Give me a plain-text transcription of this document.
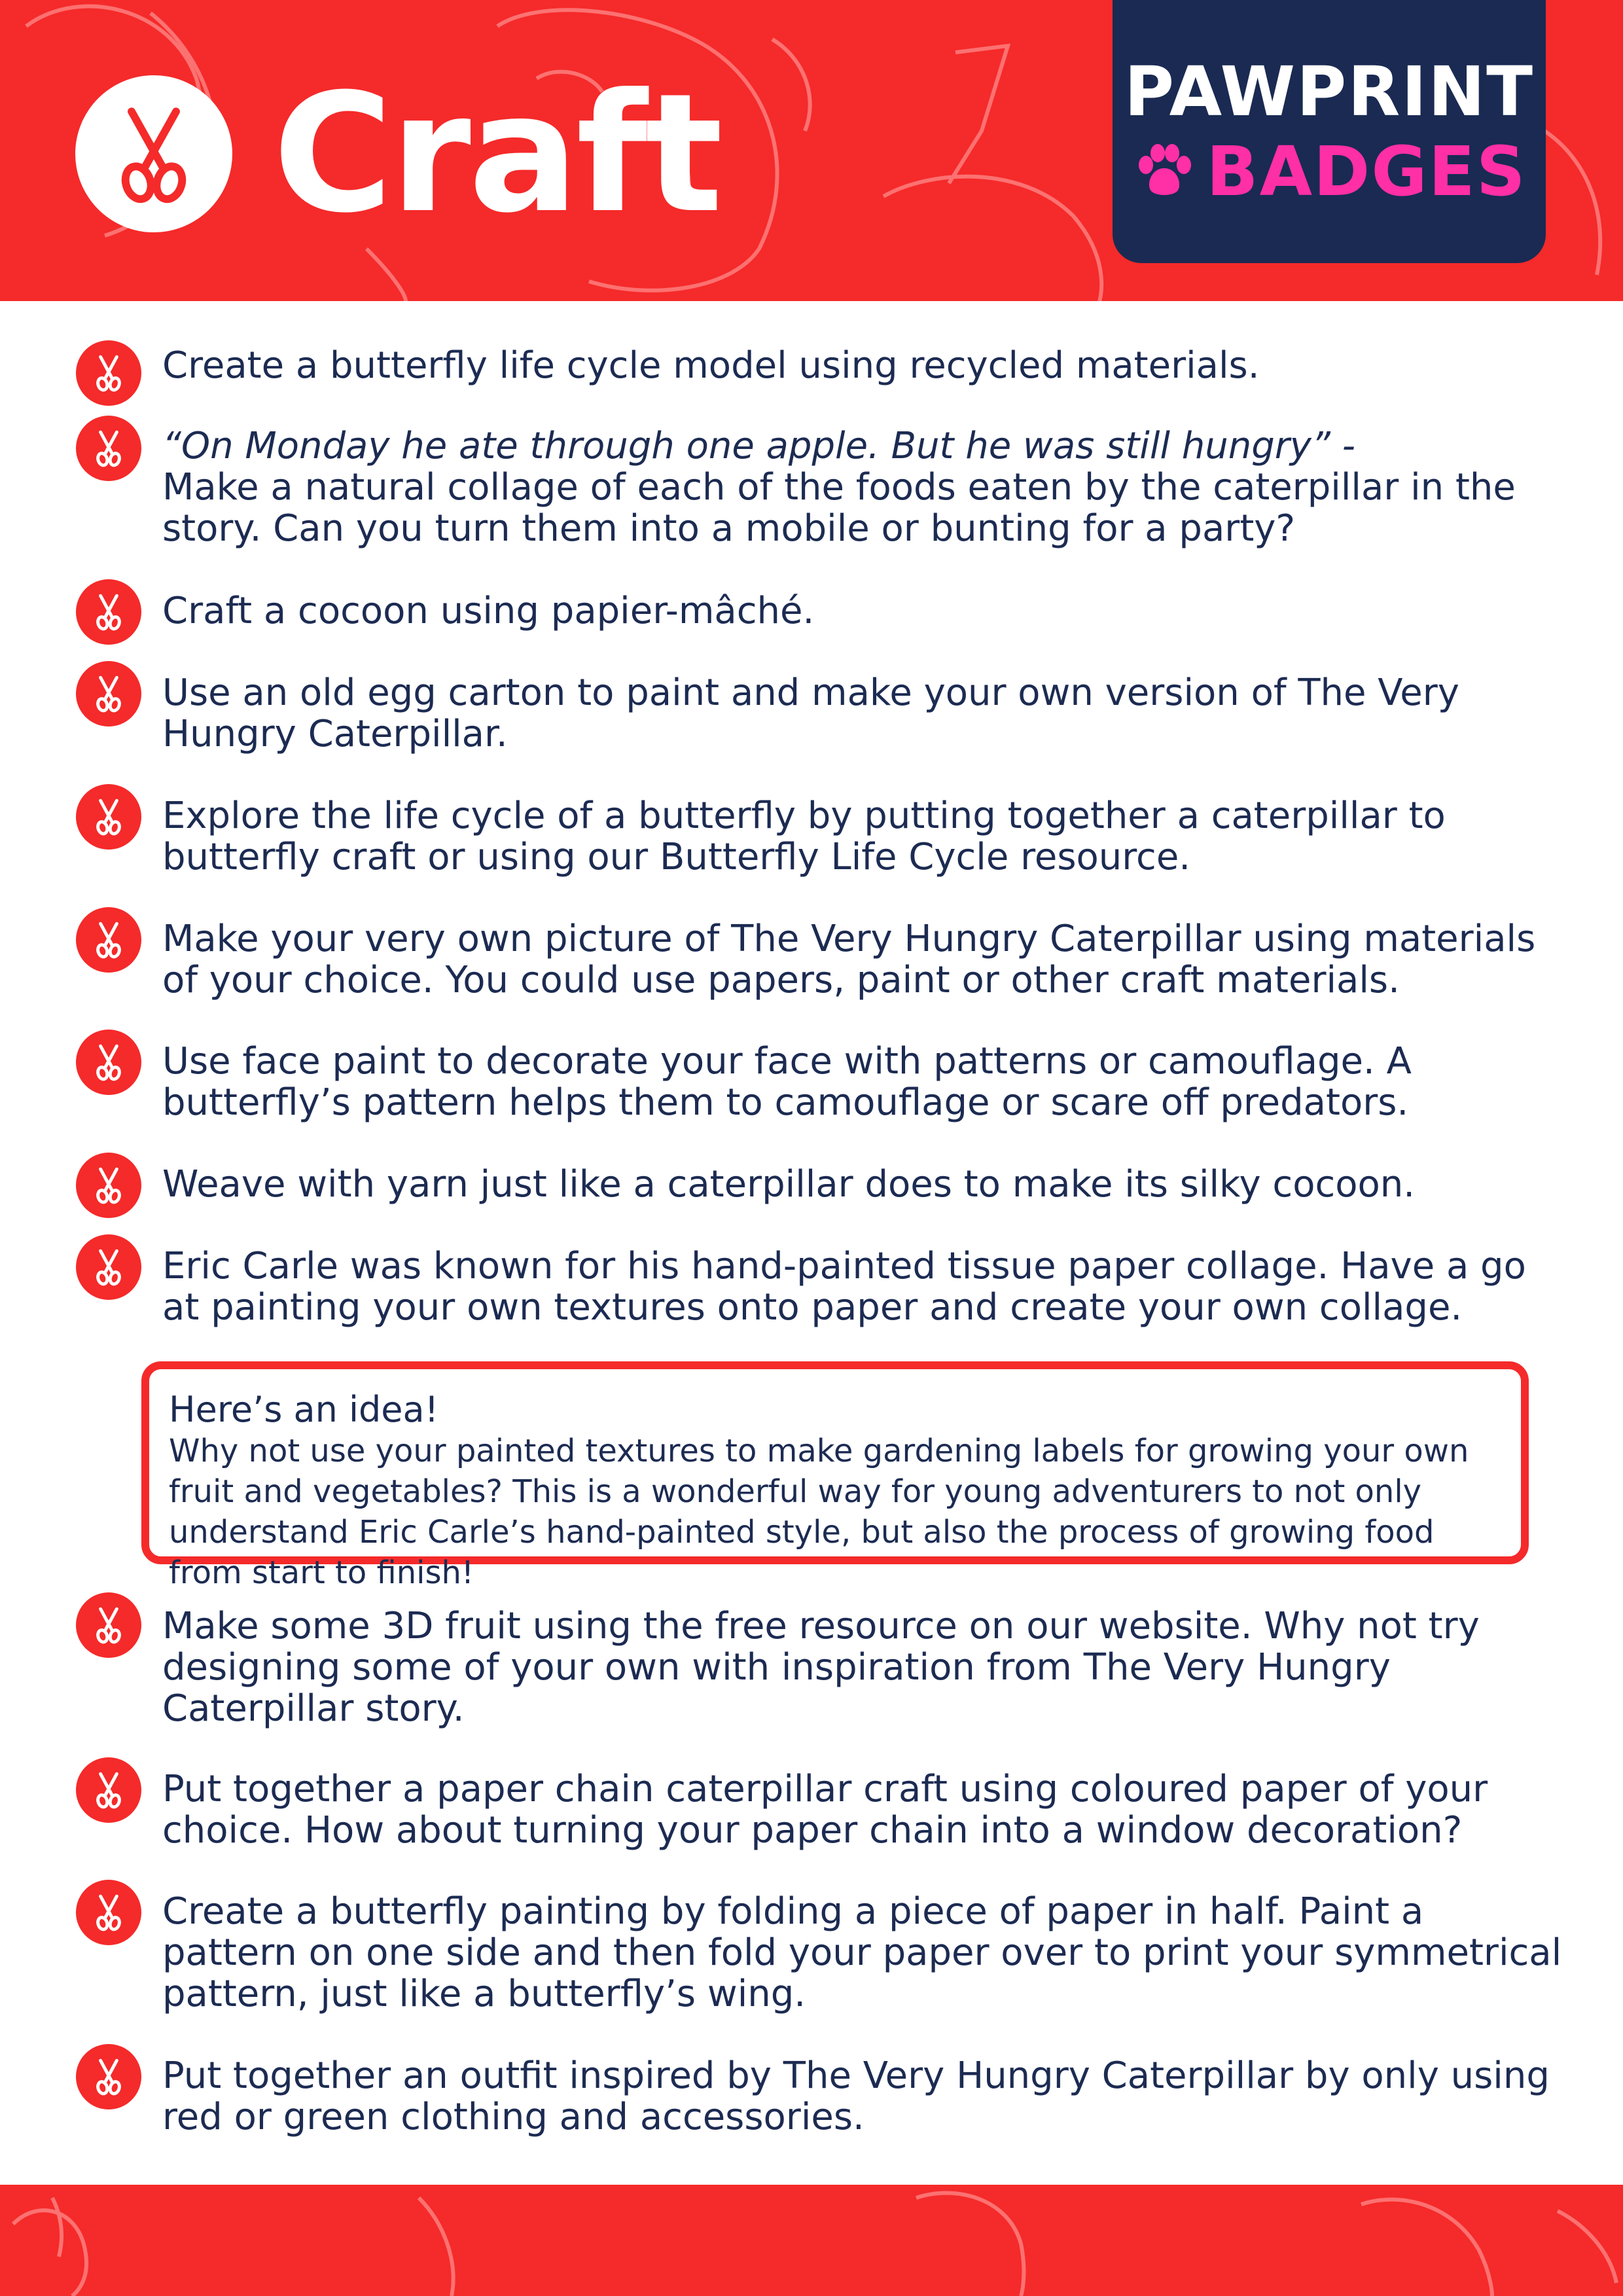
Craft	PAWPRINT
BADGES
Create a butterfly life cycle model using recycled materials.
“On Monday he ate through one apple. But he was still hungry” -
Make a natural collage of each of the foods eaten by the caterpillar in the story. Can you turn them into a mobile or bunting for a party?
Craft a cocoon using papier-mâché.
Use an old egg carton to paint and make your own version of The Very Hungry Caterpillar.
Explore the life cycle of a butterfly by putting together a caterpillar to butterfly craft or using our Butterfly Life Cycle resource.
Make your very own picture of The Very Hungry Caterpillar using materials of your choice. You could use papers, paint or other craft materials.
Use face paint to decorate your face with patterns or camouflage. A butterfly’s pattern helps them to camouflage or scare off predators.
Weave with yarn just like a caterpillar does to make its silky cocoon.
Eric Carle was known for his hand-painted tissue paper collage. Have a go at painting your own textures onto paper and create your own collage.
Here’s an idea!
Why not use your painted textures to make gardening labels for growing your own fruit and vegetables? This is a wonderful way for young adventurers to not only understand Eric Carle’s hand-painted style, but also the process of growing food from start to finish!
Make some 3D fruit using the free resource on our website. Why not try designing some of your own with inspiration from The Very Hungry Caterpillar story.
Put together a paper chain caterpillar craft using coloured paper of your choice. How about turning your paper chain into a window decoration?
Create a butterfly painting by folding a piece of paper in half. Paint a pattern on one side and then fold your paper over to print your symmetrical pattern, just like a butterfly’s wing.
Put together an outfit inspired by The Very Hungry Caterpillar by only using red or green clothing and accessories.
